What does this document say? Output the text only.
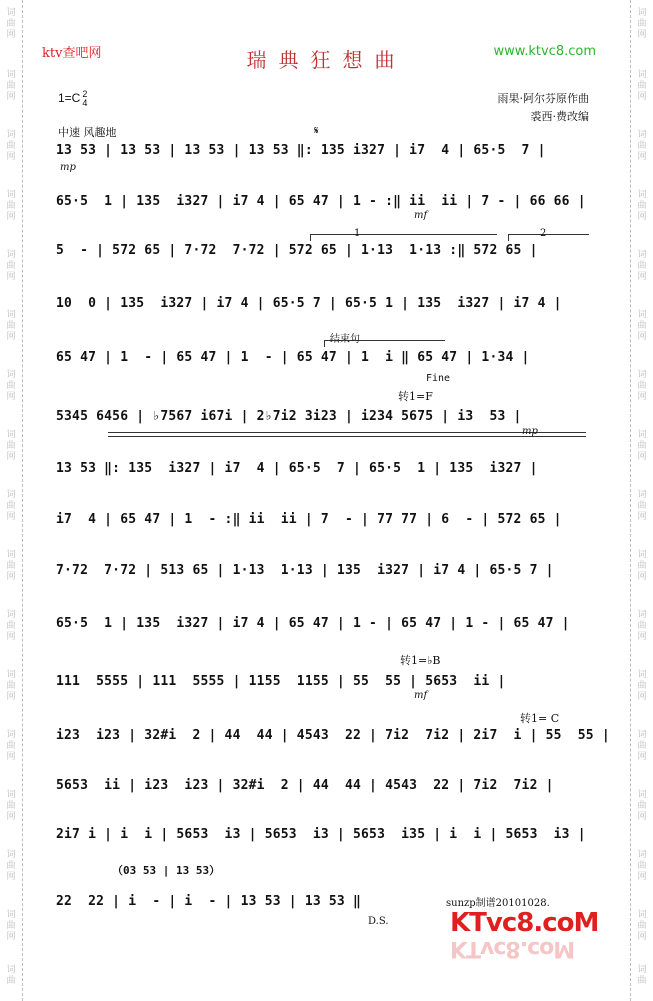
词
曲
网
词
曲
网
词
曲
网
词
曲
网
词
曲
网
词
曲
网
词
曲
网
词
曲
网
词
曲
网
词
曲
网
词
曲
网
词
曲
网
词
曲
网
词
曲
网
词
曲
网
词
曲
网
词
曲
词
曲
网
词
曲
网
词
曲
网
词
曲
网
词
曲
网
词
曲
网
词
曲
网
词
曲
网
词
曲
网
词
曲
网
词
曲
网
词
曲
网
词
曲
网
词
曲
网
词
曲
网
词
曲
网
词
曲
ktv查吧网	瑞典狂想曲	www.ktvc8.com
1=C 2
4	雨果·阿尔芬原作曲
裘西·费改编
中速 风趣地	𝄋
13 53 | 13 53 | 13 53 | 13 53 ‖: 135 i327 | i7  4 | 65·5  7 |
mp
65·5  1 | 135  i327 | i7 4 | 65 47 | 1 - :‖ ii  ii | 7 - | 66 66 |
mf
1	2
5  - | 572 65 | 7·72  7·72 | 572 65 | 1·13  1·13 :‖ 572 65 |
10  0 | 135  i327 | i7 4 | 65·5 7 | 65·5 1 | 135  i327 | i7 4 |
结束句
65 47 | 1  - | 65 47 | 1  - | 65 47 | 1  i ‖ 65 47 | 1·34 |
Fine
转1=F
5345 6456 | ♭7567 i67i | 2♭7i2 3i23 | i234 5675 | i3  53 |
mp
13 53 ‖: 135  i327 | i7  4 | 65·5  7 | 65·5  1 | 135  i327 |
i7  4 | 65 47 | 1  - :‖ ii  ii | 7  - | 77 77 | 6  - | 572 65 |
7·72  7·72 | 513 65 | 1·13  1·13 | 135  i327 | i7 4 | 65·5 7 |
65·5  1 | 135  i327 | i7 4 | 65 47 | 1 - | 65 47 | 1 - | 65 47 |
转1=♭B
111  5555 | 111  5555 | 1155  1155 | 55  55 | 5653  ii |
mf
转1= C
i23  i23 | 32#i  2 | 44  44 | 4543  22 | 7i2  7i2 | 2i7  i | 55  55 |
5653  ii | i23  i23 | 32#i  2 | 44  44 | 4543  22 | 7i2  7i2 |
2i7 i | i  i | 5653  i3 | 5653  i3 | 5653  i35 | i  i | 5653  i3 |
（03 53 | 13 53）
22  22 | i  - | i  - | 13 53 | 13 53 ‖	sunzp制谱20101028.
D.S. KTvc8.coM
KTvc8.coM
